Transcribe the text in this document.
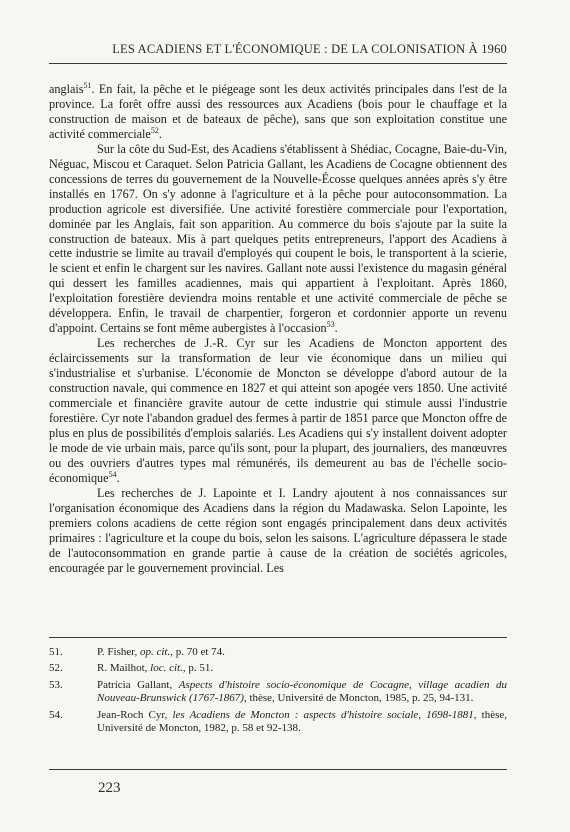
LES ACADIENS ET L'ÉCONOMIQUE : DE LA COLONISATION À 1960

anglais$^{51}$. En fait, la pêche et le piégeage sont les deux activités principales dans l'est de la province. La forêt offre aussi des ressources aux Acadiens (bois pour le chauffage et la construction de maison et de bateaux de pêche), sans que son exploitation constitue une activité commerciale$^{52}$.

Sur la côte du Sud-Est, des Acadiens s'établissent à Shédiac, Cocagne, Baie-du-Vin, Néguac, Miscou et Caraquet. Selon Patricia Gallant, les Acadiens de Cocagne obtiennent des concessions de terres du gouvernement de la Nouvelle-Écosse quelques années après s'y être installés en 1767. On s'y adonne à l'agriculture et à la pêche pour autoconsommation. La production agricole est diversifiée. Une activité forestière commerciale pour l'exportation, dominée par les Anglais, fait son apparition. Au commerce du bois s'ajoute par la suite la construction de bateaux. Mis à part quelques petits entrepreneurs, l'apport des Acadiens à cette industrie se limite au travail d'employés qui coupent le bois, le transportent à la scierie, le scient et enfin le chargent sur les navires. Gallant note aussi l'existence du magasin général qui dessert les familles acadiennes, mais qui appartient à l'exploitant. Après 1860, l'exploitation forestière deviendra moins rentable et une activité commerciale de pêche se développera. Enfin, le travail de charpentier, forgeron et cordonnier apporte un revenu d'appoint. Certains se font même aubergistes à l'occasion$^{53}$.

Les recherches de J.-R. Cyr sur les Acadiens de Moncton apportent des éclaircissements sur la transformation de leur vie économique dans un milieu qui s'industrialise et s'urbanise. L'économie de Moncton se développe d'abord autour de la construction navale, qui commence en 1827 et qui atteint son apogée vers 1850. Une activité commerciale et financière gravite autour de cette industrie qui stimule aussi l'industrie forestière. Cyr note l'abandon graduel des fermes à partir de 1851 parce que Moncton offre de plus en plus de possibilités d'emplois salariés. Les Acadiens qui s'y installent doivent adopter le mode de vie urbain mais, parce qu'ils sont, pour la plupart, des journaliers, des manœuvres ou des ouvriers d'autres types mal rémunérés, ils demeurent au bas de l'échelle socio-économique$^{54}$.

Les recherches de J. Lapointe et I. Landry ajoutent à nos connaissances sur l'organisation économique des Acadiens dans la région du Madawaska. Selon Lapointe, les premiers colons acadiens de cette région sont engagés principalement dans deux activités primaires : l'agriculture et la coupe du bois, selon les saisons. L'agriculture dépassera le stade de l'autoconsommation en grande partie à cause de la création de sociétés agricoles, encouragée par le gouvernement provincial. Les

51.	P. Fisher, op. cit., p. 70 et 74.
52.	R. Mailhot, loc. cit., p. 51.
53.	Patricia Gallant, Aspects d'histoire socio-économique de Cocagne, village acadien du Nouveau-Brunswick (1767-1867), thèse, Université de Moncton, 1985, p. 25, 94-131.
54.	Jean-Roch Cyr, les Acadiens de Moncton : aspects d'histoire sociale, 1698-1881, thèse, Université de Moncton, 1982, p. 58 et 92-138.
223
